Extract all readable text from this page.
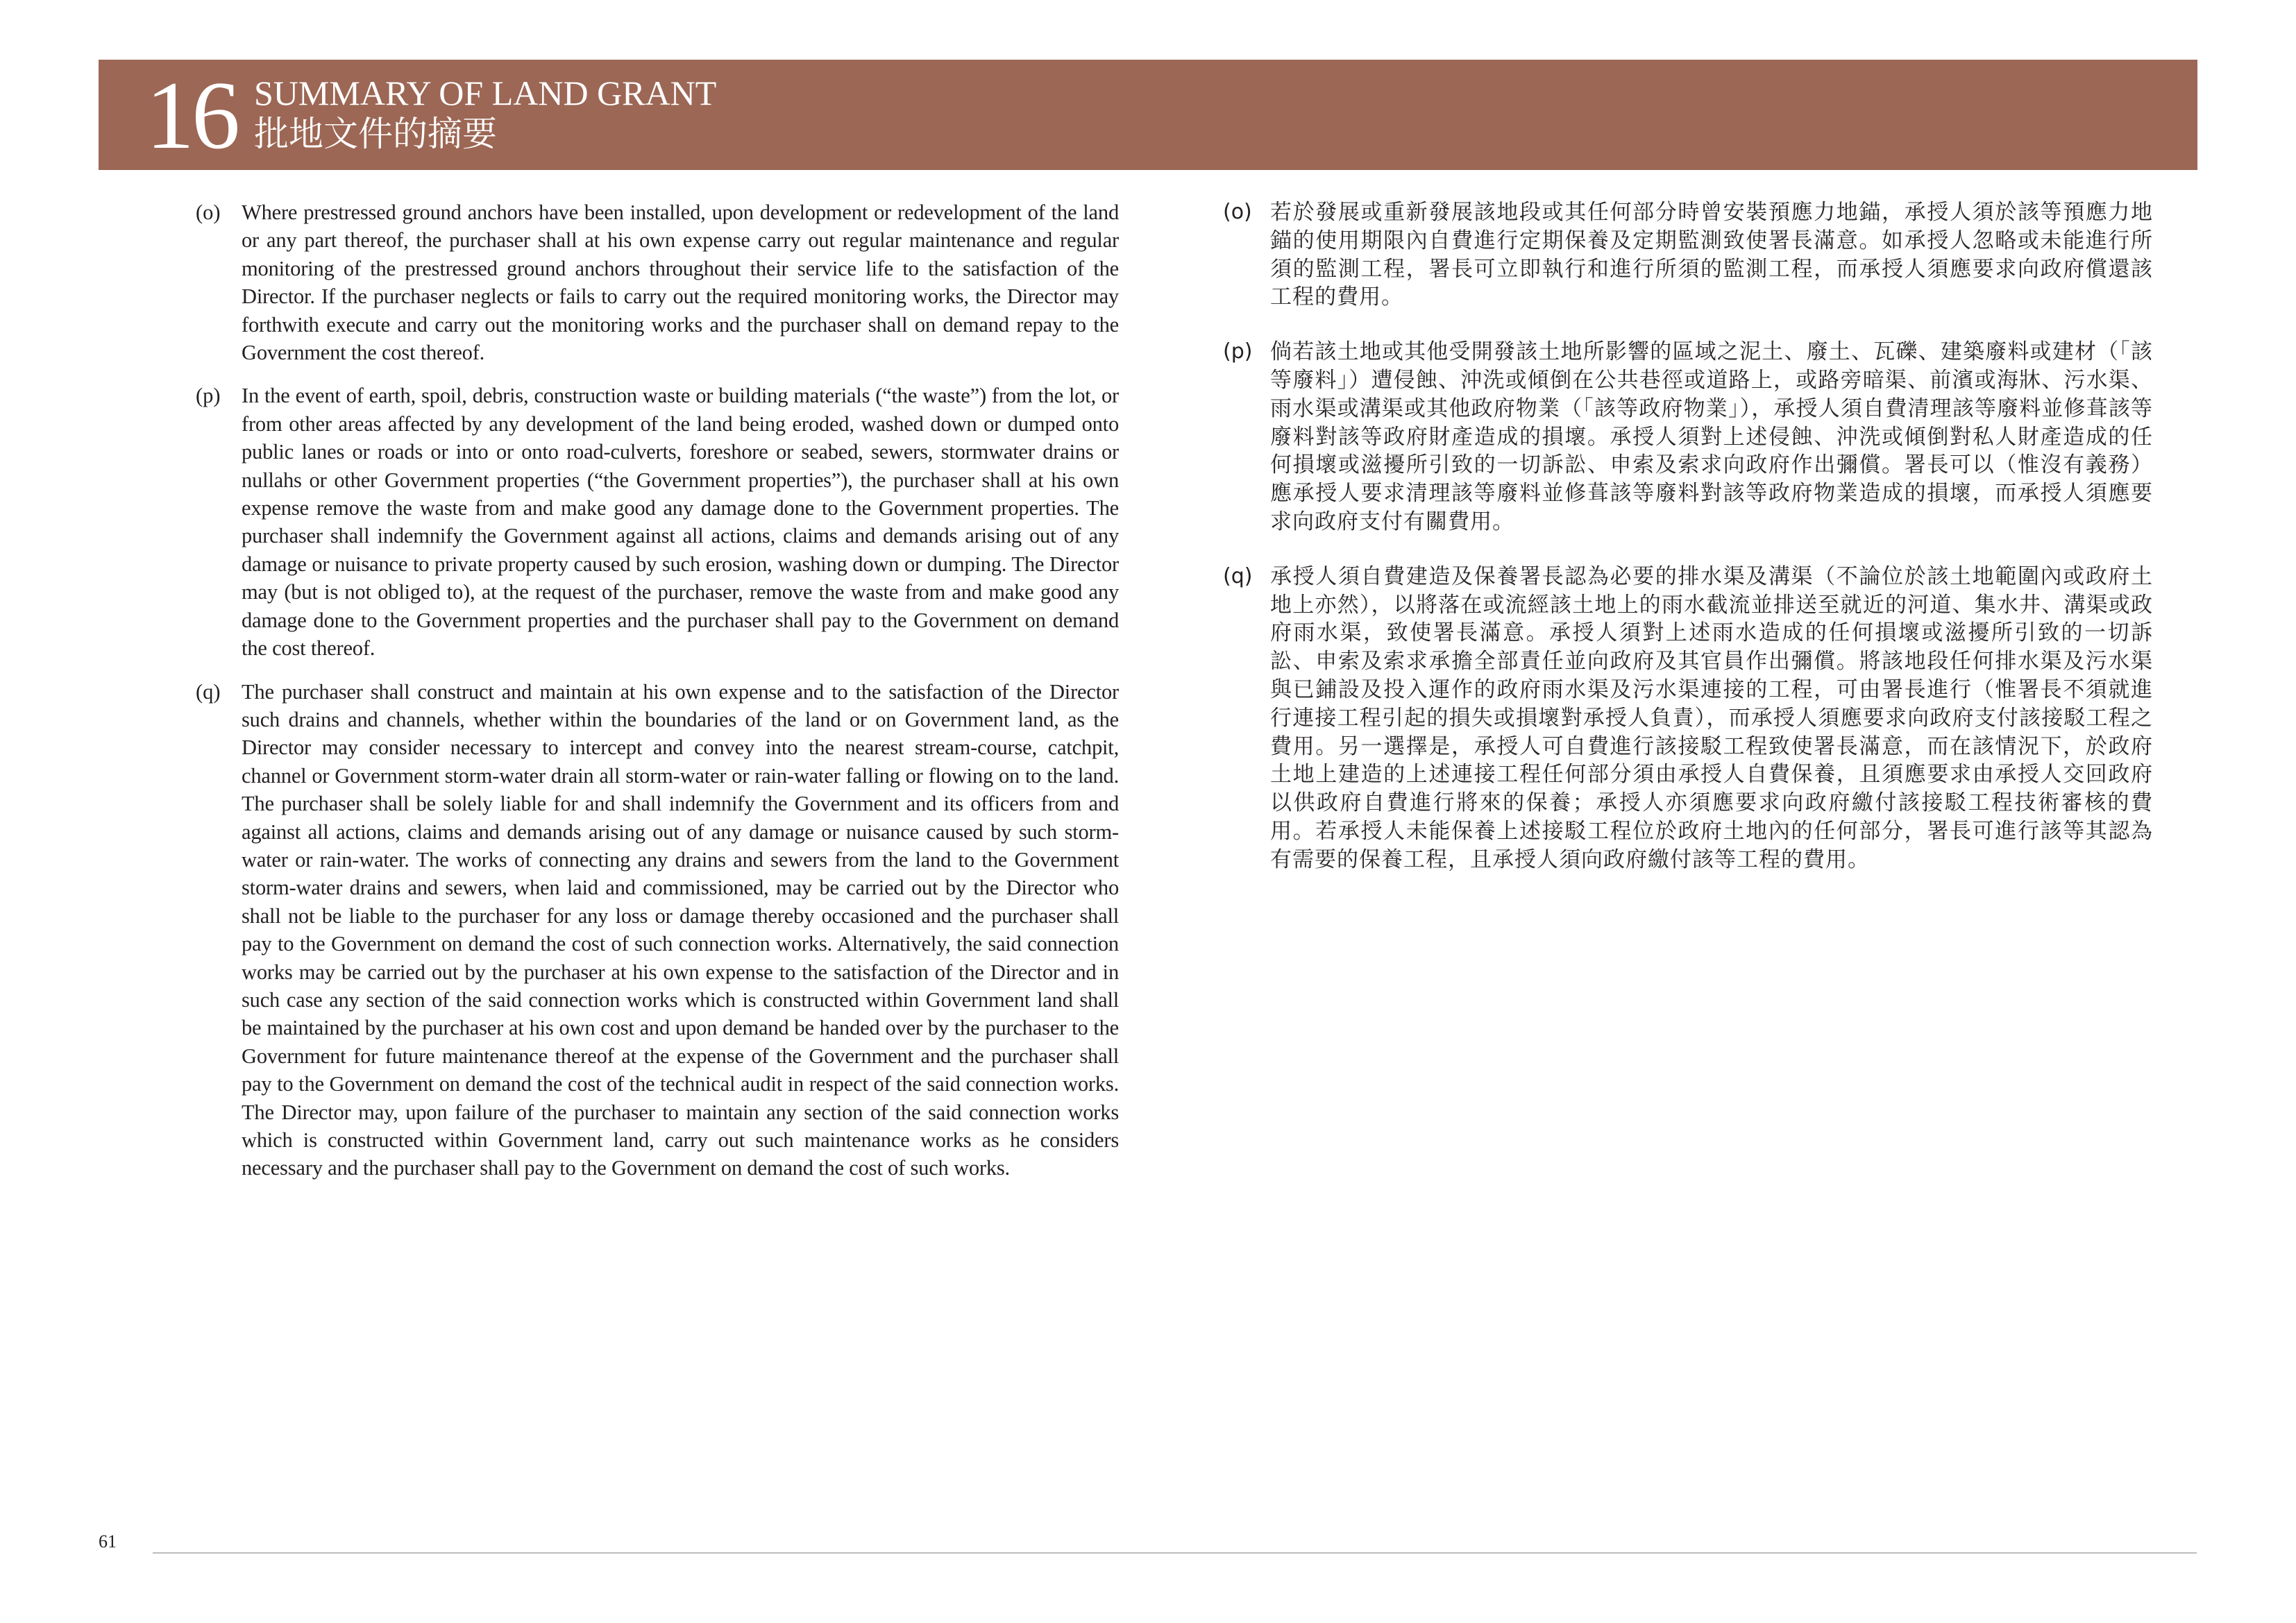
16 SUMMARY OF LAND GRANT
批地文件的摘要
(o) Where prestressed ground anchors have been installed, upon development or redevelopment of the land or any part thereof, the purchaser shall at his own expense carry out regular maintenance and regular monitoring of the prestressed ground anchors throughout their service life to the satisfaction of the Director. If the purchaser neglects or fails to carry out the required monitoring works, the Director may forthwith execute and carry out the monitoring works and the purchaser shall on demand repay to the Government the cost thereof.
(p) In the event of earth, spoil, debris, construction waste or building materials (“the waste”) from the lot, or from other areas affected by any development of the land being eroded, washed down or dumped onto public lanes or roads or into or onto road-culverts, foreshore or seabed, sewers, stormwater drains or nullahs or other Government properties (“the Government properties”), the purchaser shall at his own expense remove the waste from and make good any damage done to the Government properties. The purchaser shall indemnify the Government against all actions, claims and demands arising out of any damage or nuisance to private property caused by such erosion, washing down or dumping. The Director may (but is not obliged to), at the request of the purchaser, remove the waste from and make good any damage done to the Government properties and the purchaser shall pay to the Government on demand the cost thereof.
(q) The purchaser shall construct and maintain at his own expense and to the satisfaction of the Director such drains and channels, whether within the boundaries of the land or on Government land, as the Director may consider necessary to intercept and convey into the nearest stream-course, catchpit, channel or Government storm-water drain all storm-water or rain-water falling or flowing on to the land. The purchaser shall be solely liable for and shall indemnify the Government and its officers from and against all actions, claims and demands arising out of any damage or nuisance caused by such storm-water or rain-water. The works of connecting any drains and sewers from the land to the Government storm-water drains and sewers, when laid and commissioned, may be carried out by the Director who shall not be liable to the purchaser for any loss or damage thereby occasioned and the purchaser shall pay to the Government on demand the cost of such connection works. Alternatively, the said connection works may be carried out by the purchaser at his own expense to the satisfaction of the Director and in such case any section of the said connection works which is constructed within Government land shall be maintained by the purchaser at his own cost and upon demand be handed over by the purchaser to the Government for future maintenance thereof at the expense of the Government and the purchaser shall pay to the Government on demand the cost of the technical audit in respect of the said connection works. The Director may, upon failure of the purchaser to maintain any section of the said connection works which is constructed within Government land, carry out such maintenance works as he considers necessary and the purchaser shall pay to the Government on demand the cost of such works.
(o) 若於發展或重新發展該地段或其任何部分時曾安裝預應力地錨，承授人須於該等預應力地錨的使用期限內自費進行定期保養及定期監測致使署長滿意。如承授人忽略或未能進行所須的監測工程，署長可立即執行和進行所須的監測工程，而承授人須應要求向政府償還該工程的費用。
(p) 倘若該土地或其他受開發該土地所影響的區域之泥土、廢土、瓦礫、建築廢料或建材（「該等廢料」）遭侵蝕、沖洗或傾倒在公共巷徑或道路上，或路旁暗渠、前濱或海牀、污水渠、雨水渠或溝渠或其他政府物業（「該等政府物業」），承授人須自費清理該等廢料並修葺該等廢料對該等政府財產造成的損壞。承授人須對上述侵蝕、沖洗或傾倒對私人財產造成的任何損壞或滋擾所引致的一切訴訟、申索及索求向政府作出彌償。署長可以（惟沒有義務）應承授人要求清理該等廢料並修葺該等廢料對該等政府物業造成的損壞，而承授人須應要求向政府支付有關費用。
(q) 承授人須自費建造及保養署長認為必要的排水渠及溝渠（不論位於該土地範圍內或政府土地上亦然），以將落在或流經該土地上的雨水截流並排送至就近的河道、集水井、溝渠或政府雨水渠，致使署長滿意。承授人須對上述雨水造成的任何損壞或滋擾所引致的一切訴訟、申索及索求承擔全部責任並向政府及其官員作出彌償。將該地段任何排水渠及污水渠與已鋪設及投入運作的政府雨水渠及污水渠連接的工程，可由署長進行（惟署長不須就進行連接工程引起的損失或損壞對承授人負責），而承授人須應要求向政府支付該接駁工程之費用。另一選擇是，承授人可自費進行該接駁工程致使署長滿意，而在該情況下，於政府土地上建造的上述連接工程任何部分須由承授人自費保養，且須應要求由承授人交回政府以供政府自費進行將來的保養；承授人亦須應要求向政府繳付該接駁工程技術審核的費用。若承授人未能保養上述接駁工程位於政府土地內的任何部分，署長可進行該等其認為有需要的保養工程，且承授人須向政府繳付該等工程的費用。
61
